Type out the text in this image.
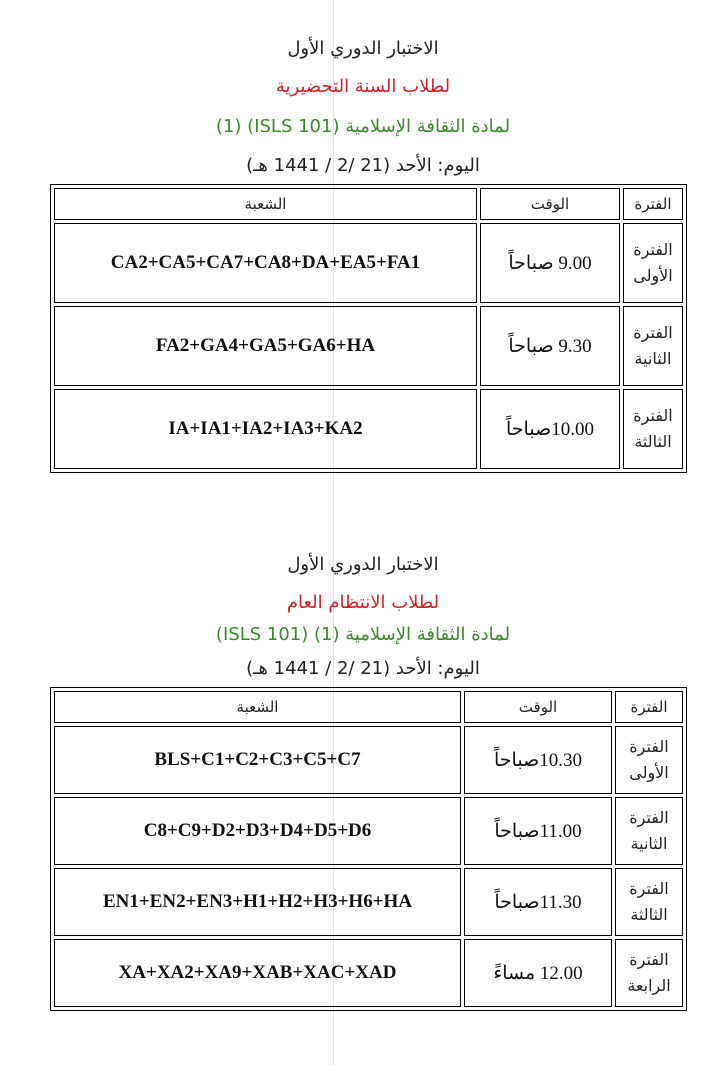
الاختبار الدوري الأول
لطلاب السنة التحضيرية
لمادة الثقافة الإسلامية (ISLS 101) (1)
اليوم: الأحد (21 /2 / 1441 هـ)
الفترة	الوقت	الشعبة

الفترة
الأولى	9.00 صباحاً	CA2+CA5+CA7+CA8+DA+EA5+FA1

الفترة
الثانية	9.30 صباحاً	FA2+GA4+GA5+GA6+HA

الفترة
الثالثة	10.00صباحاً	IA+IA1+IA2+IA3+KA2
الاختبار الدوري الأول
لطلاب الانتظام العام
لمادة الثقافة الإسلامية (1) (ISLS 101)
اليوم: الأحد (21 /2 / 1441 هـ)
الفترة	الوقت	الشعبة

الفترة
الأولى	10.30صباحاً	BLS+C1+C2+C3+C5+C7

الفترة
الثانية	11.00صباحاً	C8+C9+D2+D3+D4+D5+D6

الفترة
الثالثة	11.30صباحاً	EN1+EN2+EN3+H1+H2+H3+H6+HA

الفترة
الرابعة	12.00 مساءً	XA+XA2+XA9+XAB+XAC+XAD
